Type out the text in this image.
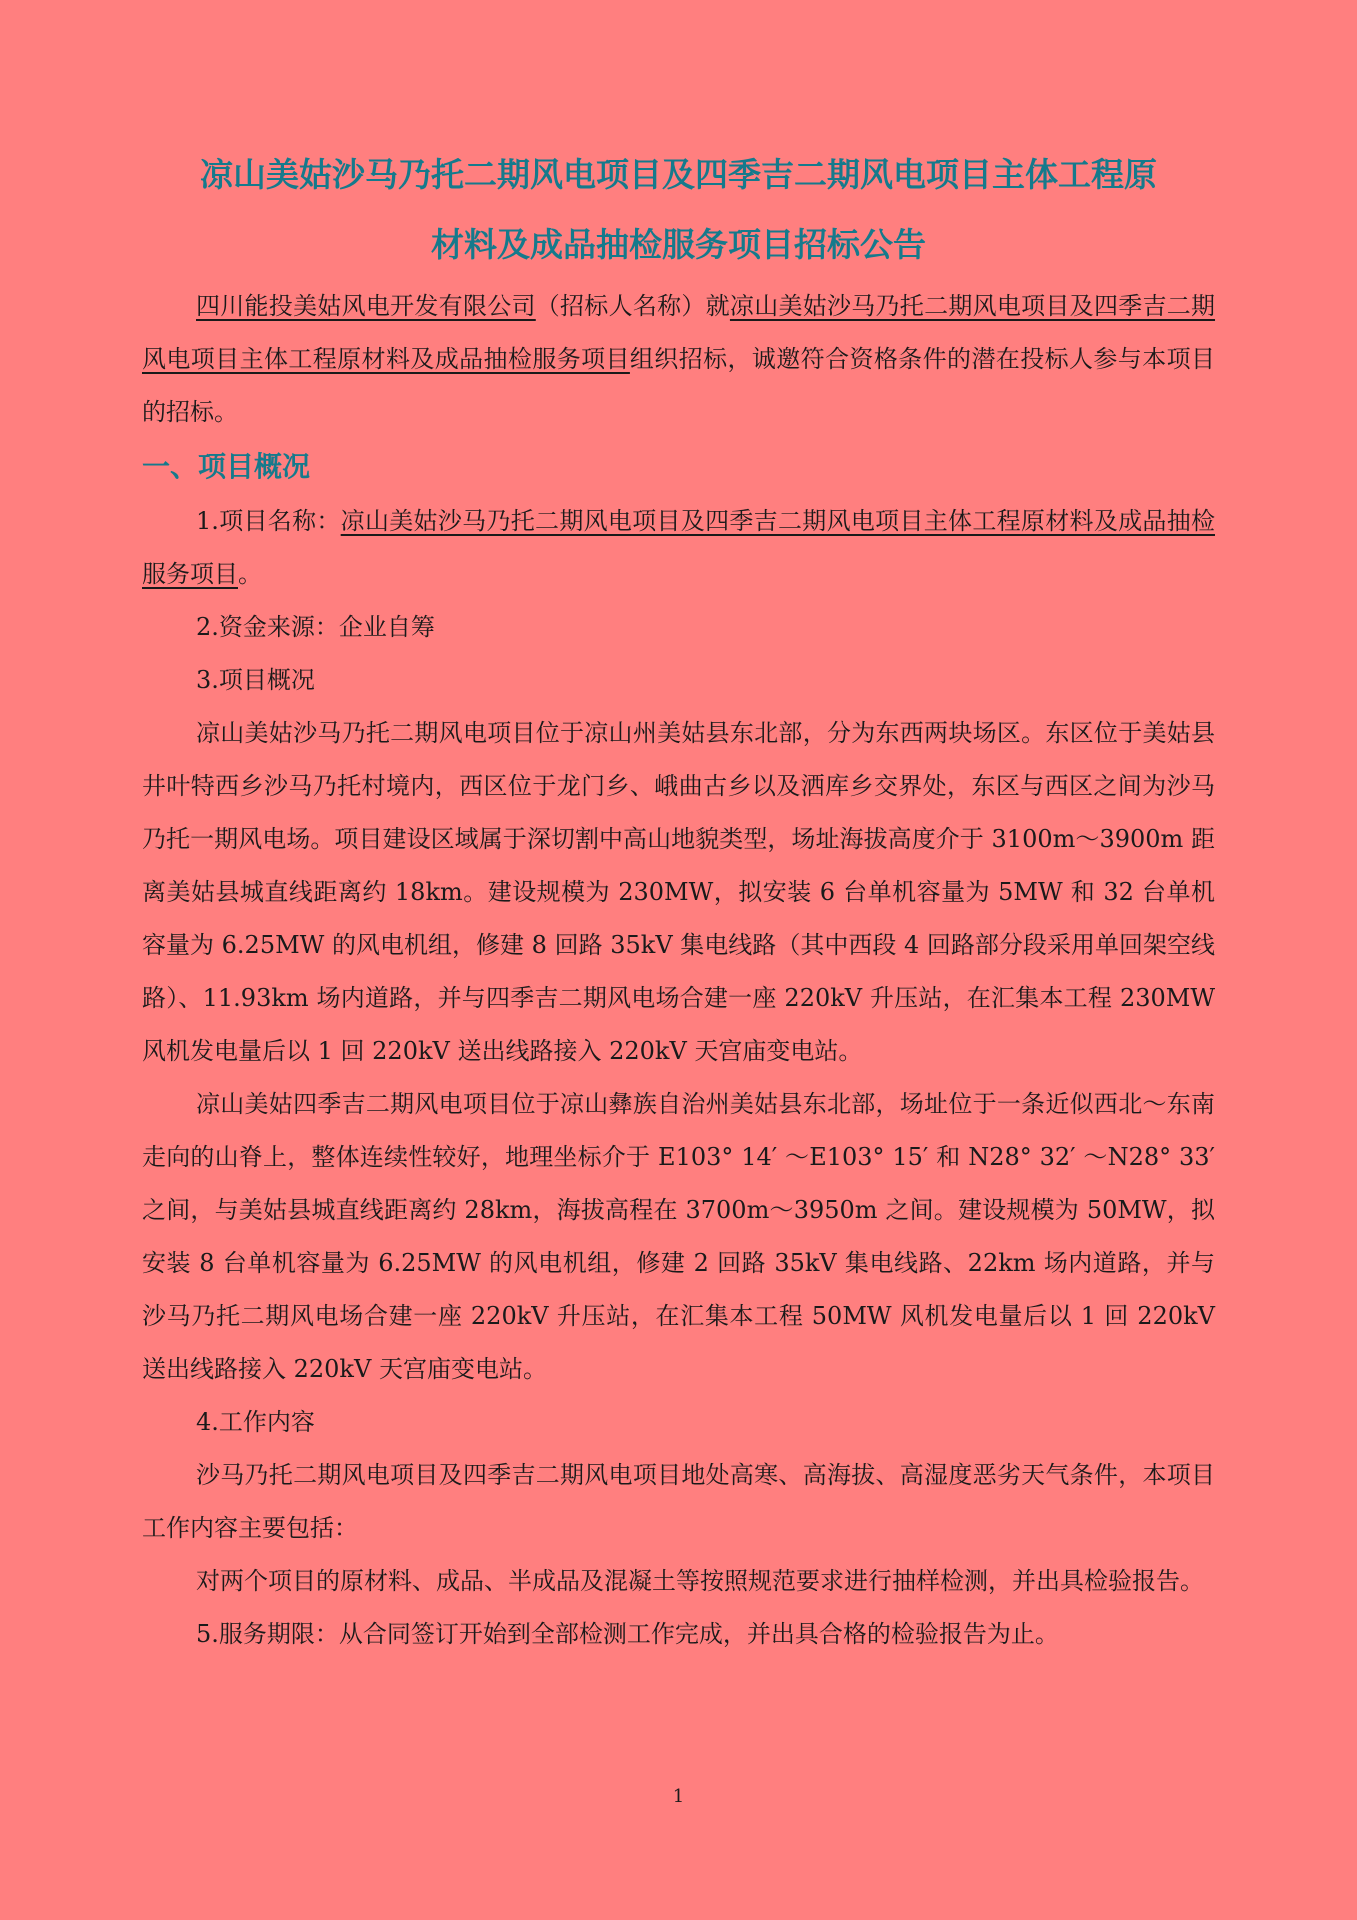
凉山美姑沙马乃托二期风电项目及四季吉二期风电项目主体工程原
材料及成品抽检服务项目招标公告

四川能投美姑风电开发有限公司（招标人名称）就凉山美姑沙马乃托二期风电项目及四季吉二期风电项目主体工程原材料及成品抽检服务项目组织招标，诚邀符合资格条件的潜在投标人参与本项目的招标。

一、项目概况

1.项目名称：凉山美姑沙马乃托二期风电项目及四季吉二期风电项目主体工程原材料及成品抽检服务项目。

2.资金来源：企业自筹

3.项目概况

凉山美姑沙马乃托二期风电项目位于凉山州美姑县东北部，分为东西两块场区。东区位于美姑县井叶特西乡沙马乃托村境内，西区位于龙门乡、峨曲古乡以及洒库乡交界处，东区与西区之间为沙马乃托一期风电场。项目建设区域属于深切割中高山地貌类型，场址海拔高度介于 3100m～3900m 距离美姑县城直线距离约 18km。建设规模为 230MW，拟安装 6 台单机容量为 5MW 和 32 台单机容量为 6.25MW 的风电机组，修建 8 回路 35kV 集电线路（其中西段 4 回路部分段采用单回架空线路）、11.93km 场内道路，并与四季吉二期风电场合建一座 220kV 升压站，在汇集本工程 230MW 风机发电量后以 1 回 220kV 送出线路接入 220kV 天宫庙变电站。

凉山美姑四季吉二期风电项目位于凉山彝族自治州美姑县东北部，场址位于一条近似西北～东南走向的山脊上，整体连续性较好，地理坐标介于 E103° 14′ ～E103° 15′ 和 N28° 32′ ～N28° 33′ 之间，与美姑县城直线距离约 28km，海拔高程在 3700m～3950m 之间。建设规模为 50MW，拟安装 8 台单机容量为 6.25MW 的风电机组，修建 2 回路 35kV 集电线路、22km 场内道路，并与沙马乃托二期风电场合建一座 220kV 升压站，在汇集本工程 50MW 风机发电量后以 1 回 220kV 送出线路接入 220kV 天宫庙变电站。

4.工作内容

沙马乃托二期风电项目及四季吉二期风电项目地处高寒、高海拔、高湿度恶劣天气条件，本项目工作内容主要包括：

对两个项目的原材料、成品、半成品及混凝土等按照规范要求进行抽样检测，并出具检验报告。

5.服务期限：从合同签订开始到全部检测工作完成，并出具合格的检验报告为止。

1
